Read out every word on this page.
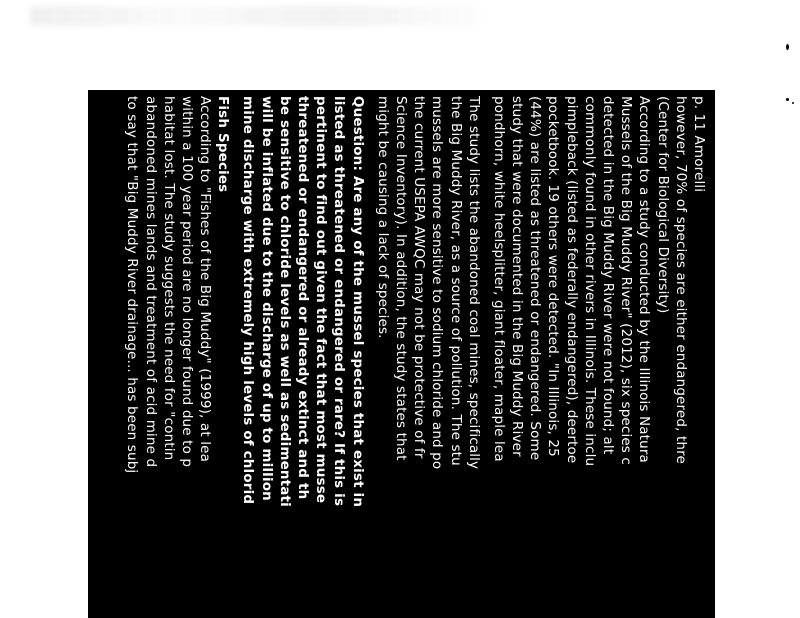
p. 11 Amorelli
however, 70% of species are either endangered, thre
(Center for Biological Diversity)
According to a study conducted by the Illinois Natura
Mussels of the Big Muddy River" (2012), six species c
detected in the Big Muddy River were not found; alt
commonly found in other rivers in Illinois. These inclu
pimpleback (listed as federally endangered), deertoe
pocketbook. 19 others were detected. "In Illinois, 25
(44%) are listed as threatened or endangered. Some
study that were documented in the Big Muddy River
pondhorn, white heelsplitter, giant floater, maple lea
The study lists the abandoned coal mines, specifically
the Big Muddy River, as a source of pollution. The stu
musseIs are more sensitive to sodium chloride and po
the current USEPA AWQC may not be protective of fr
Science Inventory). In addition, the study states that
might be causing a lack of species.
Question: Are any of the mussel species that exist in
listed as threatened or endangered or rare? If this is
pertinent to find out given the fact that most musse
threatened or endangered or already extinct and th
be sensitive to chloride levels as well as sedimentati
will be inflated due to the discharge of up to million
mine discharge with extremely high levels of chlorid
Fish Species
According to "Fishes of the Big Muddy" (1999), at lea
within a 100 year period are no longer found due to p
habitat lost. The study suggests the need for "contin
abandoned mines lands and treatment of acid mine d
to say that "Big Muddy River drainage... has been subj
